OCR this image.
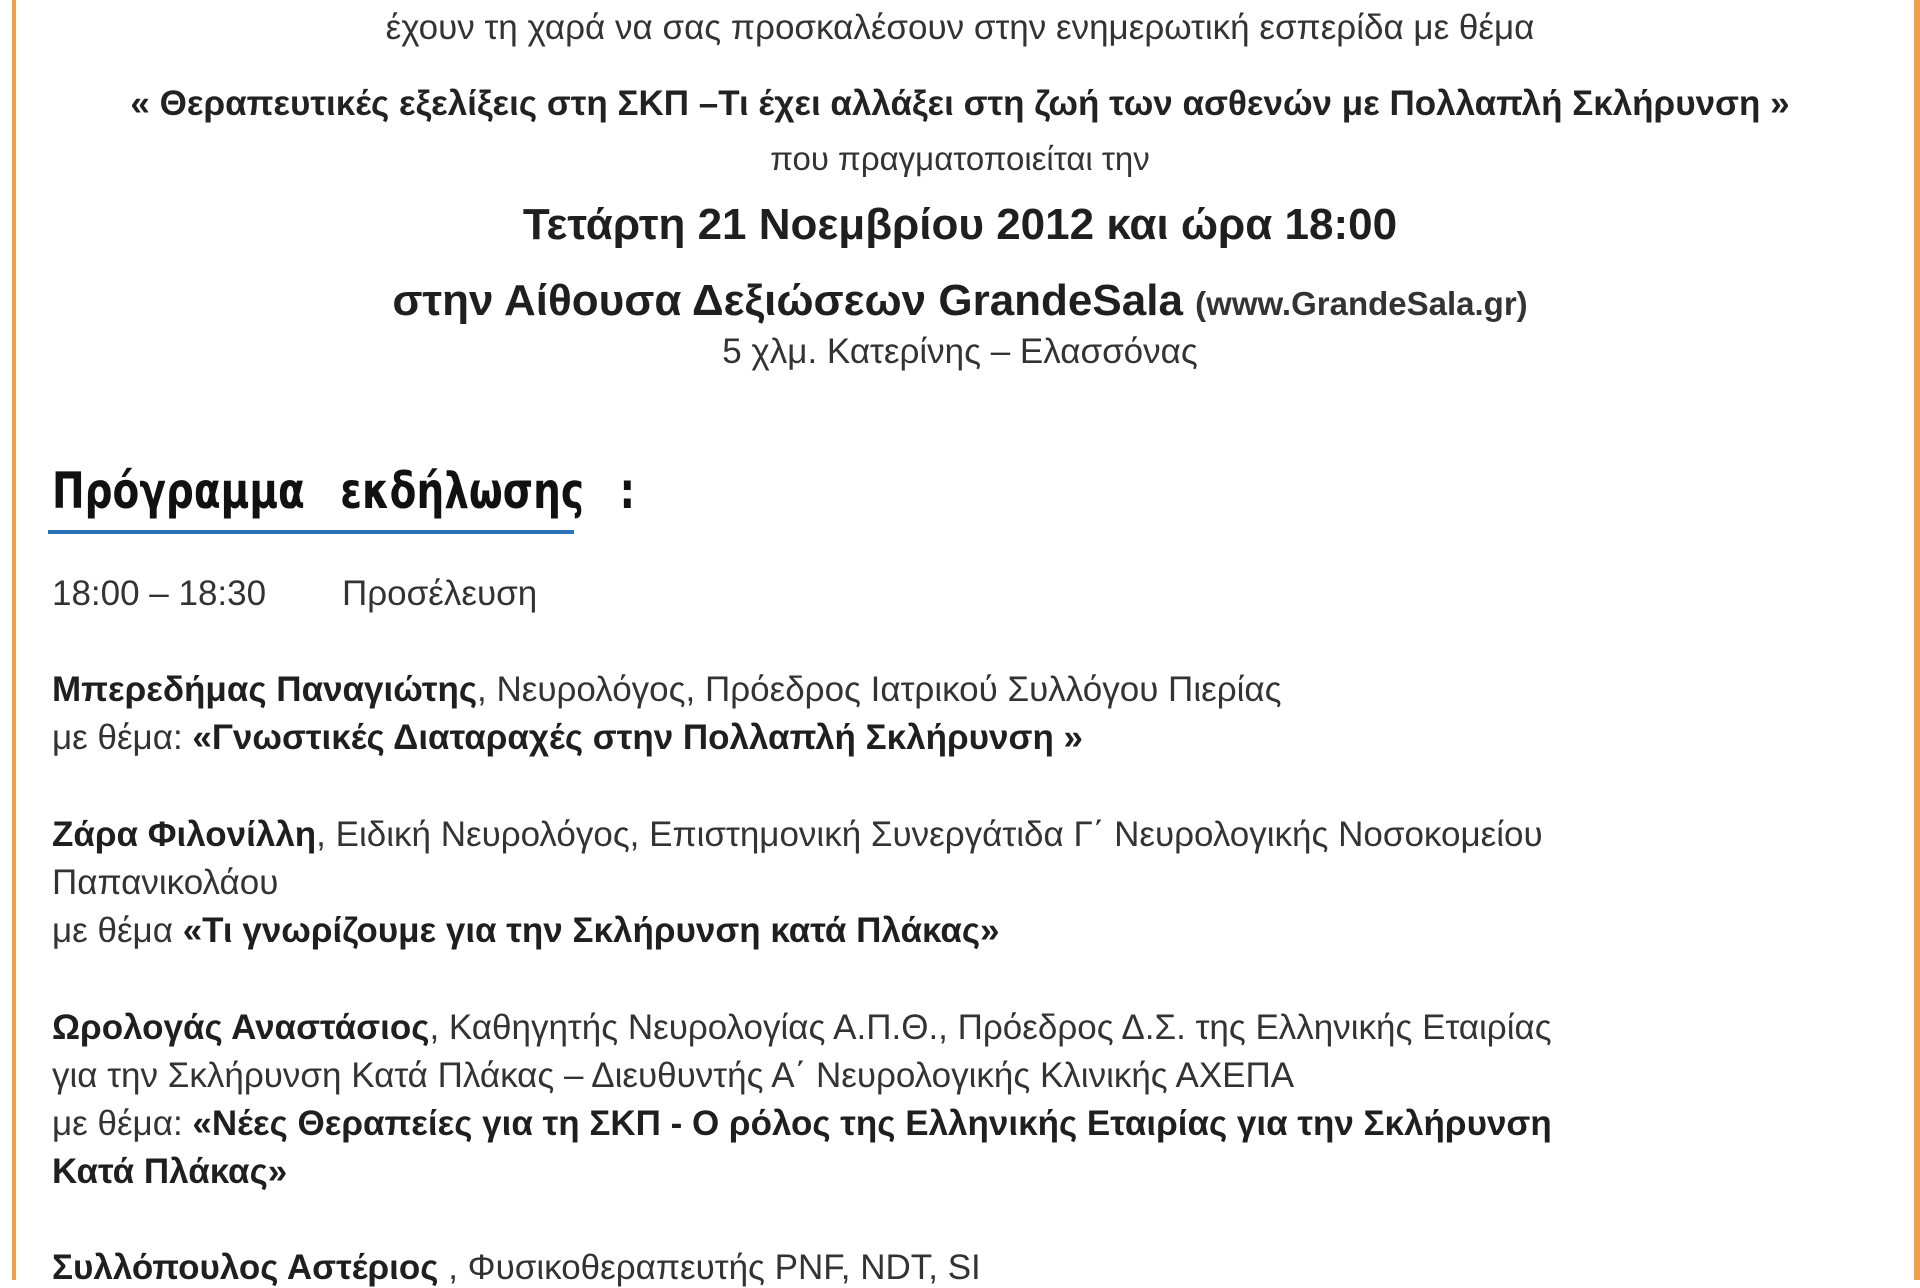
έχουν τη χαρά να σας προσκαλέσουν στην ενημερωτική εσπερίδα με θέμα
« Θεραπευτικές εξελίξεις στη ΣΚΠ –Τι έχει αλλάξει στη ζωή των ασθενών με Πολλαπλή Σκλήρυνση »
που πραγματοποιείται την
Τετάρτη 21 Νοεμβρίου 2012 και ώρα 18:00
στην Αίθουσα Δεξιώσεων GrandeSala (www.GrandeSala.gr)
5 χλμ. Κατερίνης – Ελασσόνας
Πρόγραμμα εκδήλωσης :
18:00 – 18:30 Προσέλευση
Μπερεδήμας Παναγιώτης, Νευρολόγος, Πρόεδρος Ιατρικού Συλλόγου Πιερίας
με θέμα: «Γνωστικές Διαταραχές στην Πολλαπλή Σκλήρυνση »
Ζάρα Φιλονίλλη, Ειδική Νευρολόγος, Επιστημονική Συνεργάτιδα Γ΄ Νευρολογικής Νοσοκομείου
Παπανικολάου
με θέμα «Τι γνωρίζουμε για την Σκλήρυνση κατά Πλάκας»
Ωρολογάς Αναστάσιος, Καθηγητής Νευρολογίας Α.Π.Θ., Πρόεδρος Δ.Σ. της Ελληνικής Εταιρίας
για την Σκλήρυνση Κατά Πλάκας – Διευθυντής Α΄ Νευρολογικής Κλινικής ΑΧΕΠΑ
με θέμα: «Νέες Θεραπείες για τη ΣΚΠ - Ο ρόλος της Ελληνικής Εταιρίας για την Σκλήρυνση
Κατά Πλάκας»
Συλλόπουλος Αστέριος , Φυσικοθεραπευτής PNF, NDT, SI
